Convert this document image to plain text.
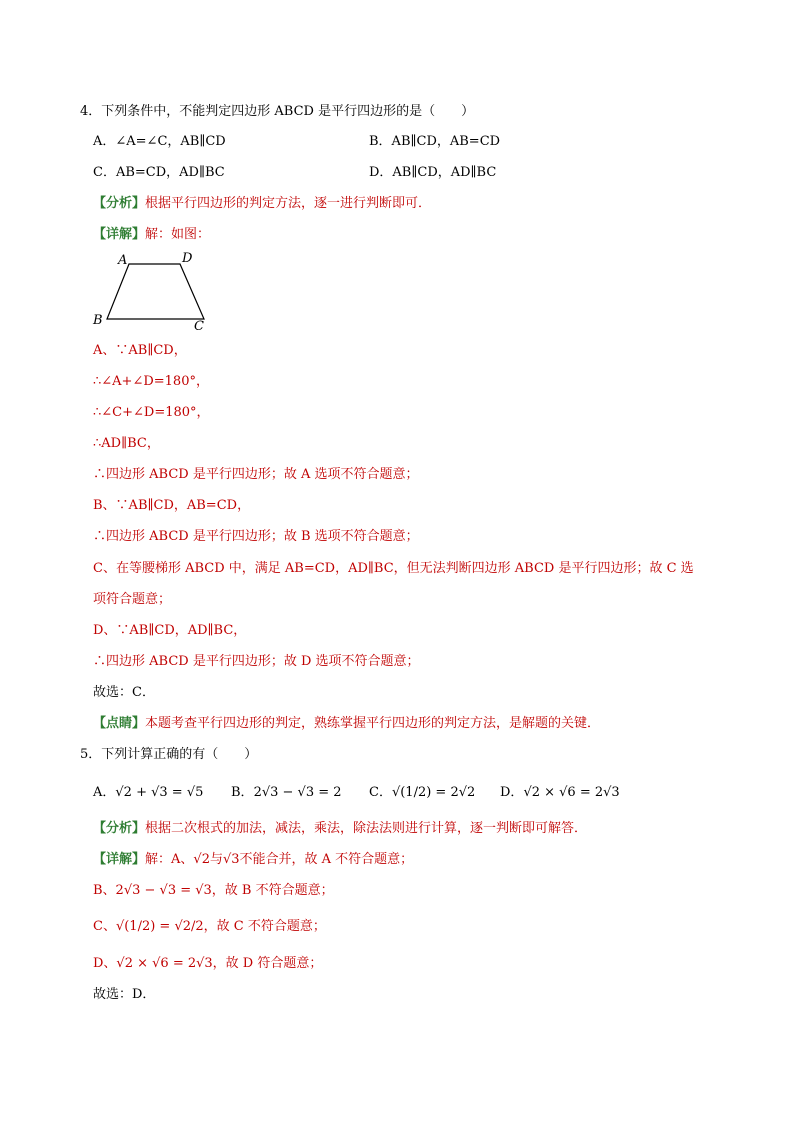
4．下列条件中，不能判定四边形 ABCD 是平行四边形的是（　　）
A．∠A=∠C，AB∥CD	B．AB∥CD，AB=CD
C．AB=CD，AD∥BC	D．AB∥CD，AD∥BC
【分析】根据平行四边形的判定方法，逐一进行判断即可．
【详解】解：如图：
A	D
B	C
A、∵AB∥CD，
∴∠A+∠D=180°，
∴∠C+∠D=180°，
∴AD∥BC，
∴四边形 ABCD 是平行四边形；故 A 选项不符合题意；
B、∵AB∥CD，AB=CD，
∴四边形 ABCD 是平行四边形；故 B 选项不符合题意；
C、在等腰梯形 ABCD 中，满足 AB=CD，AD∥BC，但无法判断四边形 ABCD 是平行四边形；故 C 选
项符合题意；
D、∵AB∥CD，AD∥BC，
∴四边形 ABCD 是平行四边形；故 D 选项不符合题意；
故选：C．
【点睛】本题考查平行四边形的判定，熟练掌握平行四边形的判定方法，是解题的关键．
5．下列计算正确的有（　　）
A．√2 + √3 = √5 B．2√3 − √3 = 2 C．√(1/2) = 2√2 D．√2 × √6 = 2√3
【分析】根据二次根式的加法，减法，乘法，除法法则进行计算，逐一判断即可解答．
【详解】解：A、√2与√3不能合并，故 A 不符合题意；
B、2√3 − √3 = √3，故 B 不符合题意；
C、√(1/2) = √2/2，故 C 不符合题意；
D、√2 × √6 = 2√3，故 D 符合题意；
故选：D．
